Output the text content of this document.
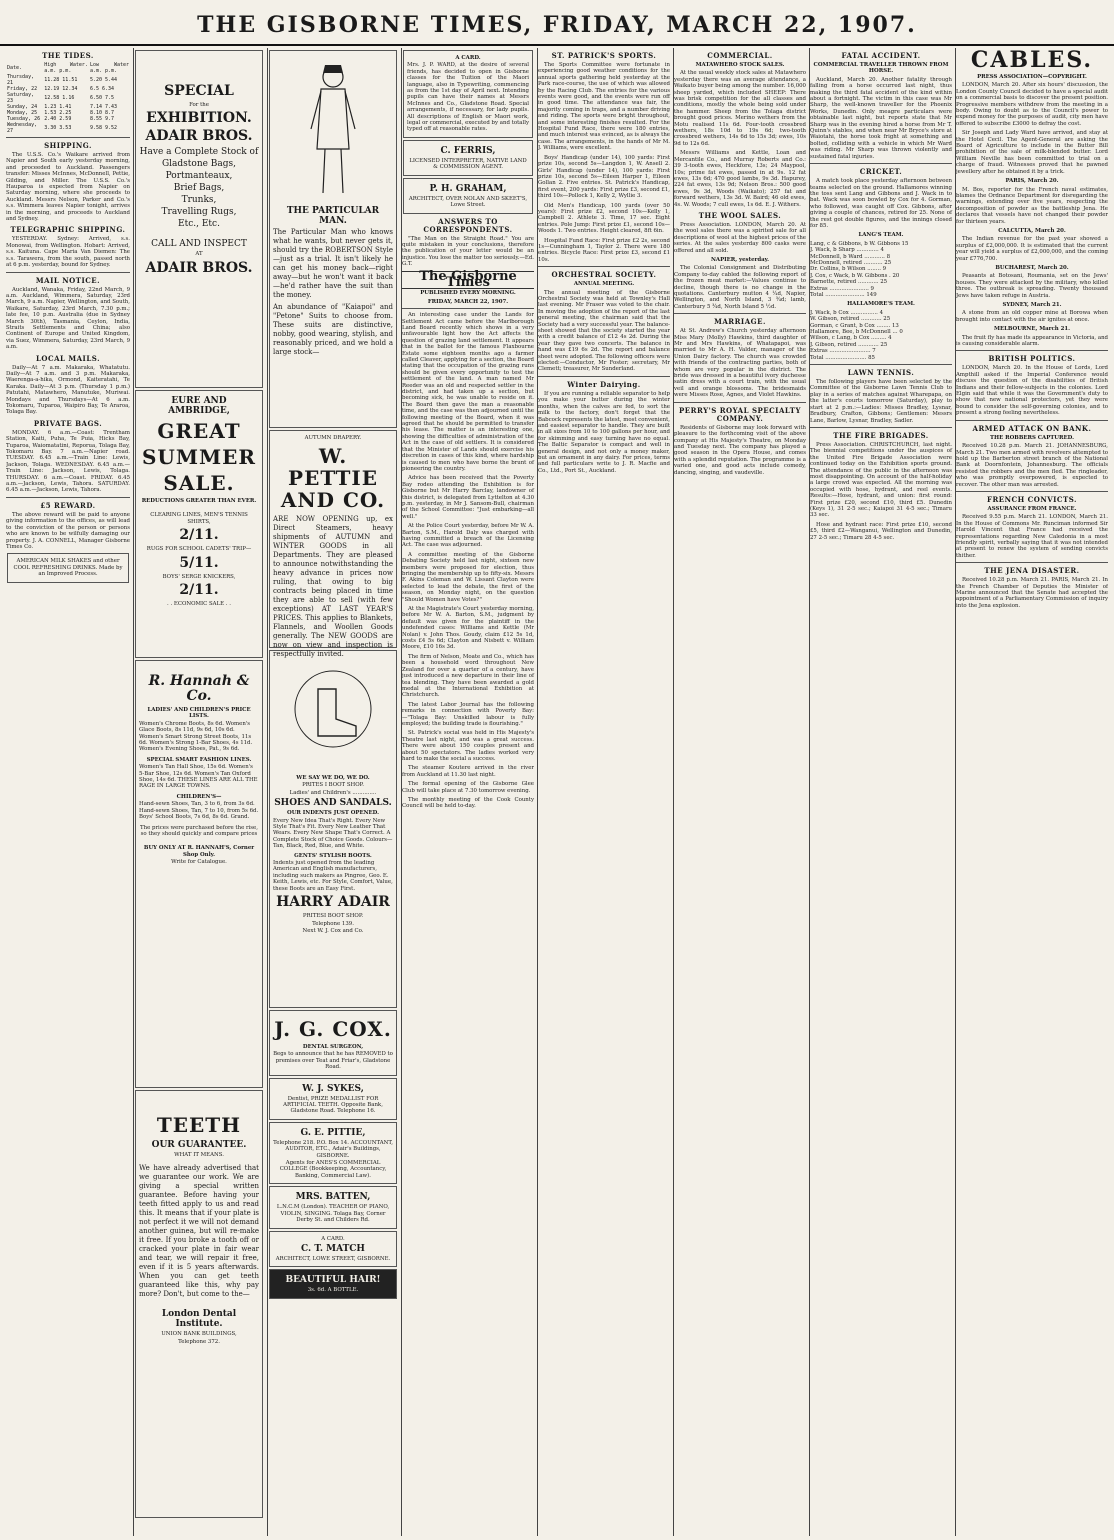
THE GISBORNE TIMES, FRIDAY, MARCH 22, 1907.
THE TIDES.
Date.	High Water. a.m. p.m.	Low Water a.m. p.m.
Thursday, 21	11.28 11.51	5.20 5.44
Friday, 22	12.19 12.34	6.5 6.34
Saturday, 23	12.58 1.16	6.50 7.5
Sunday, 24	1.23 1.41	7.14 7.43
Monday, 25	1.53 2.25	8.10 8.7
Tuesday, 26	2.40 2.59	8.55 9.7
Wednesday, 27	3.30 3.53	9.58 9.52
SHIPPING.

The U.S.S. Co.'s Waikare arrived from Napier and South early yesterday morning, and proceeded to Auckland. Passengers transfer: Misses McInnes, McDonnell, Pettie, Gilding, and Miller. The U.S.S. Co.'s Hauparoa is expected from Napier on Saturday morning, where she proceeds to Auckland. Messrs Nelson, Parker and Co.'s s.s. Wimmera leaves Napier tonight, arrives in the morning, and proceeds to Auckland and Sydney.

TELEGRAPHIC SHIPPING.

YESTERDAY. Sydney: Arrived, s.s. Monowai, from Wellington. Hobart: Arrived, s.s. Kaituna. Cape Maria Van Diemen: The s.s. Tarawera, from the south, passed north at 6 p.m. yesterday, bound for Sydney.

MAIL NOTICE.

Auckland, Wanaka, Friday, 22nd March, 9 a.m. Auckland, Wimmera, Saturday, 23rd March, 9 a.m. Napier, Wellington, and South, Waikare, Saturday, 23rd March, 7.30 p.m.; late fee, 10 p.m. Australia (due in Sydney March 30th), Tasmania, Ceylon, India, Straits Settlements and China; also Continent of Europe and United Kingdom, via Suez, Wimmera, Saturday, 23rd March, 9 a.m.

LOCAL MAILS.

Daily—At 7 a.m. Makaraka, Whatatutu. Daily—At 7 a.m. and 3 p.m. Makaraka, Waerenga-a-hika, Ormond, Kaiteratahi, Te Karaka. Daily—At 3 p.m. (Thursday 1 p.m.) Patutahi, Matawhero, Manutuke, Muriwai. Mondays and Thursdays—At 6 a.m. Tokomaru, Tuparoa, Waipiro Bay, Te Araroa, Tolaga Bay.

PRIVATE BAGS.

MONDAY. 6 a.m.—Coast: Trentham Station, Kaiti, Puha, Te Puia, Hicks Bay, Tuparoa, Waiomatatini, Reporua, Tolaga Bay, Tokomaru Bay. 7 a.m.—Napier road. TUESDAY. 6.45 a.m.—Train Line: Lewis, Jackson, Tolaga. WEDNESDAY. 6.45 a.m.—Train Line: Jackson, Lewis, Tolaga. THURSDAY. 6 a.m.—Coast. FRIDAY. 6.45 a.m.—Jackson, Lewis, Tahora. SATURDAY. 6.45 a.m.—Jackson, Lewis, Tahora.

£5 REWARD.

The above reward will be paid to anyone giving information to the offices, as will lead to the conviction of the person or persons who are known to be wilfully damaging our property. J. A. CONNELL, Manager Gisborne Times Co.

AMERICAN MILK SHAKES and other COOL REFRESHING DRINKS. Made by an Improved Process.
SPECIAL
For the
EXHIBITION.
ADAIR BROS.
Have a Complete Stock of
Gladstone Bags,
Portmanteaux,
Brief Bags,
Trunks,
Travelling Rugs,
Etc., Etc.
CALL AND INSPECT
AT
ADAIR BROS.
EURE AND AMBRIDGE,
GREAT
SUMMER
SALE.
REDUCTIONS GREATER THAN EVER.
CLEARING LINES, MEN'S TENNIS SHIRTS,
2/11.
RUGS FOR SCHOOL CADETS' TRIP—
5/11.
BOYS' SERGE KNICKERS,
2/11.
. . ECONOMIC SALE . .
R. Hannah & Co.
LADIES' AND CHILDREN'S PRICE LISTS.
Women's Chrome Boots, 8s 6d. Women's Glace Boots, 8s 11d, 9s 6d, 10s 6d. Women's Smart Strong Street Boots, 11s 6d. Women's Strong 1-Bar Shoes, 4s 11d. Women's Evening Shoes, Pat., 9s 6d.
SPECIAL SMART FASHION LINES.
Women's Tan Hall Shoe, 15s 6d. Women's 5-Bar Shoe, 12s 6d. Women's Tan Oxford Shoe, 14s 6d. THESE LINES ARE ALL THE RAGE IN LARGE TOWNS.
CHILDREN'S—
Hand-sewn Shoes, Tan, 3 to 6, from 3s 6d. Hand-sewn Shoes, Tan, 7 to 10, from 5s 6d. Boys' School Boots, 7s 6d, 8s 6d. Grand.
The prices were purchased before the rise, so they should quickly and compare prices
BUY ONLY AT R. HANNAH'S, Corner Shop Only.
Write for Catalogue.
TEETH
OUR GUARANTEE.
WHAT IT MEANS.
We have already advertised that we guarantee our work. We are giving a special written guarantee. Before having your teeth fitted apply to us and read this. It means that if your plate is not perfect it we will not demand another guinea, but will re-make it free. If you broke a tooth off or cracked your plate in fair wear and tear, we will repair it free, even if it is 5 years afterwards. When you can get teeth guaranteed like this, why pay more? Don't, but come to the—
London Dental Institute.
UNION BANK BUILDINGS,
Telephone 372.
THE PARTICULAR MAN.
The Particular Man who knows what he wants, but never gets it, should try the ROBERTSON Style—just as a trial. It isn't likely he can get his money back—right away—but he won't want it back—he'd rather have the suit than the money.
An abundance of "Kaiapoi" and "Petone" Suits to choose from. These suits are distinctive, nobby, good wearing, stylish, and reasonably priced, and we hold a large stock—
AUTUMN DRAPERY.
W. PETTIE AND CO.
ARE NOW OPENING up, ex Direct Steamers, heavy shipments of AUTUMN and WINTER GOODS in all Departments. They are pleased to announce notwithstanding the heavy advance in prices now ruling, that owing to big contracts being placed in time they are able to sell (with few exceptions) AT LAST YEAR'S PRICES. This applies to Blankets, Flannels, and Woollen Goods generally. The NEW GOODS are now on view and inspection is respectfully invited.
WE SAY WE DO, WE DO.
PRITES I BOOT SHOP.
Ladies' and Children's ..............
SHOES AND SANDALS.
OUR INDENTS JUST OPENED.
Every New Idea That's Right. Every New Style That's Fit. Every New Leather That Wears. Every New Shape That's Correct. A Complete Stock of Choice Goods. Colours—Tan, Black, Red, Blue, and White.
GENTS' STYLISH BOOTS.
Indents just opened from the leading American and English manufacturers, including such makers as Pingree, Geo. E. Keith, Lewis, etc. For Style, Comfort, Value, these Boots are an Easy First.
HARRY ADAIR
PRITESI BOOT SHOP.
Telephone 139.
Next W. J. Cox and Co.
J. G. COX.
DENTAL SURGEON,
Begs to announce that he has REMOVED to premises over Teat and Friar's, Gladstone Road.
W. J. SYKES,
Dentist, PRIZE MEDALLIST FOR ARTIFICIAL TEETH. Opposite Bank, Gladstone Road. Telephone 16.
G. E. PITTIE,
Telephone 218. P.O. Box 14. ACCOUNTANT, AUDITOR, ETC., Adair's Buildings, GISBORNE.
Agents for ANES'S COMMERCIAL COLLEGE (Bookkeeping, Accountancy, Banking, Commercial Law).
MRS. BATTEN,
L.N.C.M (London). TEACHER OF PIANO, VIOLIN, SINGING. Tolaga Bay, Corner Derby St. and Childers Rd.
A CARD.
C. T. MATCH
ARCHITECT, LOWE STREET, GISBORNE.
BEAUTIFUL HAIR!
3s. 6d. A BOTTLE.
A CARD.
Mrs. J. P. WARD, at the desire of several friends, has decided to open in Gisborne classes for the Tuition of the Maori language, also in Typewriting, commencing as from the 1st day of April next. Intending pupils can have their names at Messrs McInnes and Co., Gladstone Road. Special arrangements, if necessary, for lady pupils. All descriptions of English or Maori work, legal or commercial, executed by and totally typed off at reasonable rates.
C. FERRIS,
LICENSED INTERPRETER, NATIVE LAND & COMMISSION AGENT.
P. H. GRAHAM,
ARCHITECT, OVER NOLAN AND SKEET'S, Lowe Street.
ANSWERS TO CORRESPONDENTS.

"The Man on the Straight Road." You are quite mistaken in your conclusions, therefore the publication of your letter would be an injustice. You lose the matter too seriously.—Ed. G.T.

The Gisborne Times
PUBLISHED EVERY MORNING.
FRIDAY, MARCH 22, 1907.

An interesting case under the Lands for Settlement Act came before the Marlborough Land Board recently which shows in a very unfavourable light how the Act affects the question of grazing land settlement. It appears that in the ballot for the famous Flaxbourne Estate some eighteen months ago a farmer called Cleaver, applying for a section, the Board stating that the occupation of the grazing runs should be given every opportunity to test the settlement of the land. A man named Mr Reeder was an old and respected settler in the district, and had taken up a section, but becoming sick, he was unable to reside on it. The Board then gave the man a reasonable time, and the case was then adjourned until the following meeting of the Board, when it was agreed that he should be permitted to transfer his lease. The matter is an interesting one, showing the difficulties of administration of the Act in the case of old settlers. It is considered that the Minister of Lands should exercise his discretion in cases of this kind, where hardship is caused to men who have borne the brunt of pioneering the country.

Advice has been received that the Poverty Bay rodeo attending the Exhibition is for Gisborne but Mr Harry Barclay, landowner of this district, is delegated from Lyttelton at 4.30 p.m. yesterday, in Mr J. Sansom-Bull, chairman of the School Committee: "Just embarking—all well."

At the Police Court yesterday, before Mr W. A. Barton, S.M., Harold Daly was charged with having committed a breach of the Licensing Act. The case was adjourned.

A committee meeting of the Gisborne Debating Society held last night, sixteen new members were proposed for election, thus bringing the membership up to fifty-six. Messrs F. Akins Coleman and W. Lissant Clayton were selected to lead the debate, the first of the season, on Monday night, on the question "Should Women have Votes?"

At the Magistrate's Court yesterday morning, before Mr W. A. Barton, S.M., judgment by default was given for the plaintiff in the undefended cases: Williams and Kettle (Mr Nolan) v. John Thos. Goudy, claim £12 5s 1d, costs £4 5s 6d; Clayton and Nisbett v. William Moore, £10 16s 3d.

The firm of Nelson, Moate and Co., which has been a household word throughout New Zealand for over a quarter of a century, have just introduced a new departure in their line of tea blending. They have been awarded a gold medal at the International Exhibition at Christchurch.

The latest Labor Journal has the following remarks in connection with Poverty Bay:—"Tolaga Bay: Unskilled labour is fully employed; the building trade is flourishing."

St. Patrick's social was held in His Majesty's Theatre last night, and was a great success. There were about 150 couples present and about 50 spectators. The ladies worked very hard to make the social a success.

The steamer Koutere arrived in the river from Auckland at 11.30 last night.

The formal opening of the Gisborne Glee Club will take place at 7.30 tomorrow evening.

The monthly meeting of the Cook County Council will be held to-day.

ST. PATRICK'S SPORTS.

The Sports Committee were fortunate in experiencing good weather conditions for the annual sports gathering held yesterday at the Park race-course, the use of which was allowed by the Racing Club. The entries for the various events were good, and the events were run off in good time. The attendance was fair, the majority coming in traps, and a number driving and riding. The sports were bright throughout, and some interesting finishes resulted. For the Hospital Fund Race, there were 180 entries, and much interest was evinced, as is always the case. The arrangements, in the hands of Mr M. J. Williams, were excellent.

Boys' Handicap (under 14), 100 yards: First prize 10s, second 5s—Langdon 1, W. Ansell 2. Girls' Handicap (under 14), 100 yards: First prize 10s, second 5s—Eileen Harper 1, Eileen Gollan 2. Five entries. St. Patrick's Handicap, first event, 200 yards: First prize £3, second £1, third 10s—Pollock 1, Kelly 2, Wyllie 3.

Old Men's Handicap, 100 yards (over 50 years): First prize £2, second 10s—Kelly 1, Campbell 2. Athlete 3. Time, 17 sec. Eight entries. Pole Jump: First prize £1, second 10s—Woods 1. Two entries. Height cleared, 8ft 6in.

Hospital Fund Race: First prize £2 2s, second 1s—Cunningham 1, Taylor 2. There were 180 entries. Bicycle Race: First prize £3, second £1 10s.

ORCHESTRAL SOCIETY.
ANNUAL MEETING.

The annual meeting of the Gisborne Orchestral Society was held at Townley's Hall last evening. Mr Fraser was voted to the chair. In moving the adoption of the report of the last general meeting, the chairman said that the Society had a very successful year. The balance-sheet showed that the society started the year with a credit balance of £12 4s 2d. During the year they gave two concerts. The balance in hand was £19 6s 2d. The report and balance sheet were adopted. The following officers were elected:—Conductor, Mr Foster; secretary, Mr Clemett; treasurer, Mr Sunderland.

Winter Dairying.

If you are running a reliable separator to help you make your butter during the winter months, when the calves are fed, to sort the milk to the factory, don't forget that the Babcock represents the latest, most convenient, and easiest separator to handle. They are built in all sizes from 10 to 100 gallons per hour, and for skimming and easy turning have no equal. The Baltic Separator is compact and well in general design, and not only a money maker, but an ornament in any dairy. For prices, terms and full particulars write to J. R. Macfie and Co., Ltd., Port St., Auckland.

COMMERCIAL.
MATAWHERO STOCK SALES.

At the usual weekly stock sales at Matawhero yesterday there was an average attendance, a Waikato buyer being among the number. 16,000 sheep yarded, which included SHEEP: There was brisk competition for the all classes and conditions, mostly the whole being sold under the hammer. Sheep from the Tolaga district brought good prices. Merino wethers from the Motu realised 11s 6d. Four-tooth crossbred wethers, 18s 10d to 19s 6d; two-tooth crossbred wethers, 14s 6d to 15s 3d; ewes, 10s 9d to 12s 6d.

Messrs Williams and Kettle, Loan and Mercantile Co., and Murray Roberts and Co.: 39 3-tooth ewes, Heckfore, 13s; 24 Maypool, 10s; prime fat ewes, passed in at 9s. 12 fat ewes, 13s 6d; 470 good lambs, 9s 3d. Hapurey, 224 fat ewes, 13s 9d; Nelson Bros.: 500 good ewes, 9s 3d, Woods (Waikato); 257 fat and forward wethers, 13s 3d. W. Baird; 46 old ewes, 4s. W. Woods; 7 cull ewes, 1s 6d. E. J. Withers.

THE WOOL SALES.

Press Association. LONDON, March 20. At the wool sales there was a spirited sale for all descriptions of wool at the highest prices of the series. At the sales yesterday 800 casks were offered and all sold.

NAPIER, yesterday.

The Colonial Consignment and Distributing Company to-day cabled the following report of the frozen meat market:—Values continue to decline, though there is no change in the quotations. Canterbury mutton 4 ¼d, Napier, Wellington, and North Island, 3 ¾d; lamb, Canterbury 5 ¾d, North Island 5 ½d.

MARRIAGE.

At St. Andrew's Church yesterday afternoon Miss Mary (Molly) Hawkins, third daughter of Mr and Mrs Hawkins, of Whatapapoi, was married to Mr A. H. Valder, manager of the Union Dairy factory. The church was crowded with friends of the contracting parties, both of whom are very popular in the district. The bride was dressed in a beautiful ivory duchesse satin dress with a court train, with the usual veil and orange blossoms. The bridesmaids were Misses Rose, Agnes, and Violet Hawkins.

PERRY'S ROYAL SPECIALTY COMPANY.

Residents of Gisborne may look forward with pleasure to the forthcoming visit of the above company at His Majesty's Theatre, on Monday and Tuesday next. The company has played a good season in the Opera House, and comes with a splendid reputation. The programme is a varied one, and good acts include comedy, dancing, singing, and vaudeville.

FATAL ACCIDENT.
COMMERCIAL TRAVELLER THROWN FROM HORSE.

Auckland, March 20. Another fatality through falling from a horse occurred last night, thus making the third fatal accident of the kind within about a fortnight. The victim in this case was Mr Sharp, the well-known traveller for the Phoenix Works, Dunedin. Only meagre particulars were obtainable last night, but reports state that Mr Sharp was in the evening hired a horse from Mr T. Quinn's stables, and when near Mr Bryce's store at Waiotahi, the horse took fright at something and bolted, colliding with a vehicle in which Mr Ward was riding. Mr Sharp was thrown violently and sustained fatal injuries.

CRICKET.

A match took place yesterday afternoon between teams selected on the ground. Hallamores winning the toss sent Lang and Gibbons and J. Wack in to bat. Wack was soon bowled by Cox for 4. Gorman, who followed, was caught off Cox. Gibbons, after giving a couple of chances, retired for 25. None of the rest got double figures, and the innings closed for 85.

LANG'S TEAM.
Lang, c & Gibbons, b W. Gibbons 15
J. Wack, b Sharp ............. 4
McDonnell, b Ward ............ 8
McDonnell, retired ........... 25
Dr. Collins, b Wilson ........ 9
J. Cox, c Wack, b W. Gibbons . 20
Barnette, retired ............ 25
Extras ....................... 9
Total ....................... 149
HALLAMORE'S TEAM.
J. Wack, b Cox ................ 4
W. Gibson, retired ............ 25
Gorman, c Grant, b Cox ........ 13
Hallamore, Bee, b McDonnell ... 0
Wilson, c Lang, b Cox ......... 4
J. Gibson, retired ............ 25
Extras ........................ 7
Total ........................ 85
LAWN TENNIS.

The following players have been selected by the Committee of the Gisborne Lawn Tennis Club to play in a series of matches against Wharepapa, on the latter's courts tomorrow (Saturday), play to start at 2 p.m.:—Ladies: Misses Bradley, Lysnar, Bradbury, Crafton, Gibbons; Gentlemen: Messrs Lane, Barlow, Lysnar, Bradley, Sadler.

THE FIRE BRIGADES.

Press Association. CHRISTCHURCH, last night. The biennial competitions under the auspices of the United Fire Brigade Association were continued today on the Exhibition sports ground. The attendance of the public in the afternoon was most disappointing. On account of the half-holiday a large crowd was expected. All the morning was occupied with hose, hydrant, and reel events. Results:—Hose, hydrant, and union: first round: First prize £20, second £10, third £5. Dunedin (Keys 1), 31 2-5 sec.; Kaiapoi 31 4-5 sec.; Timaru 33 sec.

Hose and hydrant race: First prize £10, second £5, third £2—Wanganui, Wellington and Dunedin, 27 2-5 sec.; Timaru 28 4-5 sec.

CABLES.
PRESS ASSOCIATION—COPYRIGHT.

LONDON, March 20. After six hours' discussion, the London County Council decided to have a special audit on a commercial basis to discover the present position. Progressive members withdrew from the meeting in a body. Owing to doubt as to the Council's power to expend money for the purposes of audit, city men have offered to subscribe £3000 to defray the cost.

Sir Joseph and Lady Ward have arrived, and stay at the Hotel Cecil. The Agent-General are asking the Board of Agriculture to include in the Butter Bill prohibition of the sale of milk-blended butter. Lord William Neville has been committed to trial on a charge of fraud. Witnesses proved that he pawned jewellery after he obtained it by a trick.

PARIS, March 20.

M. Bos, reporter for the French naval estimates, blames the Ordnance Department for disregarding the warnings, extending over five years, respecting the decomposition of powder as the battleship Jena. He declares that vessels have not changed their powder for thirteen years.

CALCUTTA, March 20.

The Indian revenue for the past year showed a surplus of £2,000,000. It is estimated that the current year will yield a surplus of £2,000,000, and the coming year £776,700.

BUCHAREST, March 20.

Peasants at Botosani, Roumania, set on the Jews' houses. They were attacked by the military, who killed three. The outbreak is spreading. Twenty thousand Jews have taken refuge in Austria.

SYDNEY, March 21.

A stone from an old copper mine at Borowa when brought into contact with the air ignites at once.

MELBOURNE, March 21.

The fruit fly has made its appearance in Victoria, and is causing considerable alarm.

BRITISH POLITICS.

LONDON, March 20. In the House of Lords, Lord Ampthill asked if the Imperial Conference would discuss the question of the disabilities of British Indians and their fellow-subjects in the colonies. Lord Elgin said that while it was the Government's duty to show that new national protectors, yet they were bound to consider the self-governing colonies, and to present a strong feeling nevertheless.

ARMED ATTACK ON BANK.
THE ROBBERS CAPTURED.

Received 10.28 p.m. March 21. JOHANNESBURG, March 21. Two men armed with revolvers attempted to hold up the Barberton street branch of the National Bank at Doornfontein, Johannesburg. The officials resisted the robbers and the men fled. The ringleader, who was promptly overpowered, is expected to recover. The other man was arrested.

FRENCH CONVICTS.
ASSURANCE FROM FRANCE.

Received 9.55 p.m. March 21. LONDON, March 21. In the House of Commons Mr. Runciman informed Sir Harold Vincent that France had received the representations regarding New Caledonia in a most friendly spirit, verbally saying that it was not intended at present to renew the system of sending convicts thither.

THE JENA DISASTER.

Received 10.28 p.m. March 21. PARIS, March 21. In the French Chamber of Deputies the Minister of Marine announced that the Senate had accepted the appointment of a Parliamentary Commission of inquiry into the Jena explosion.
